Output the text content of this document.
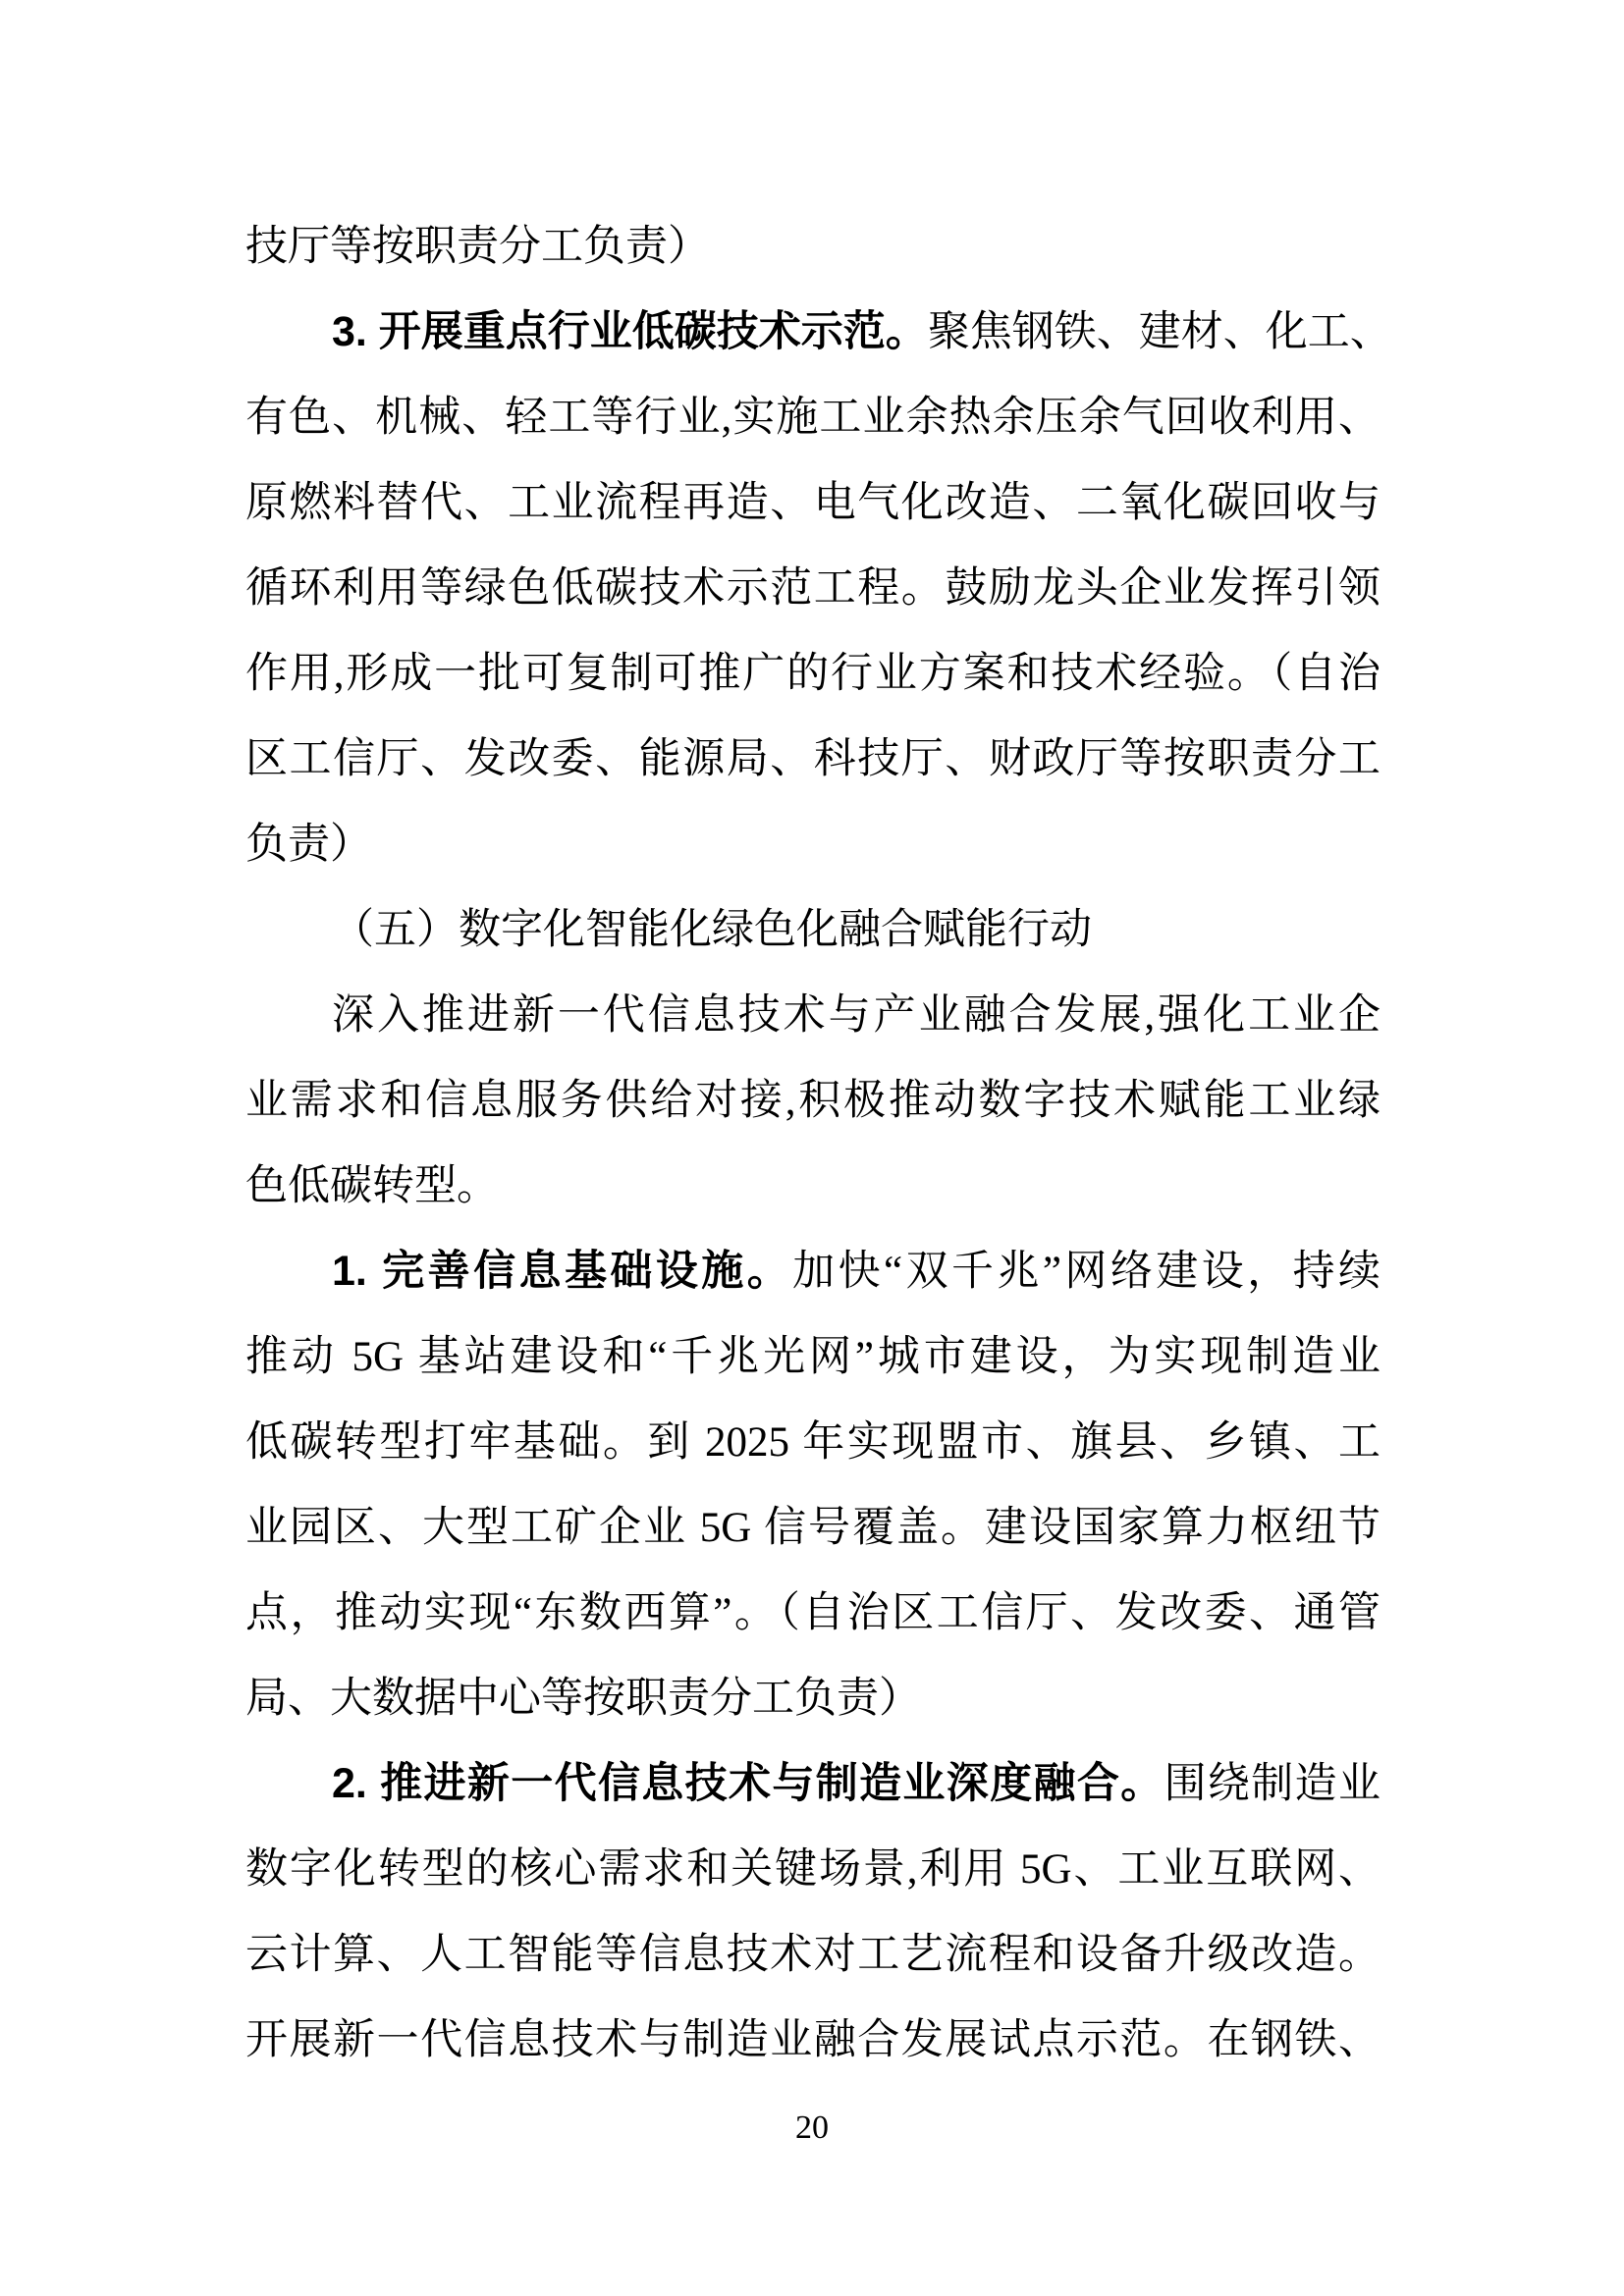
技厅等按职责分工负责）
3. 开展重点行业低碳技术示范。聚焦钢铁、建材、化工、
有色、机械、轻工等行业,实施工业余热余压余气回收利用、
原燃料替代、工业流程再造、电气化改造、二氧化碳回收与
循环利用等绿色低碳技术示范工程。鼓励龙头企业发挥引领
作用,形成一批可复制可推广的行业方案和技术经验。（自治
区工信厅、发改委、能源局、科技厅、财政厅等按职责分工
负责）
（五）数字化智能化绿色化融合赋能行动
深入推进新一代信息技术与产业融合发展,强化工业企
业需求和信息服务供给对接,积极推动数字技术赋能工业绿
色低碳转型。
1. 完善信息基础设施。加快“双千兆”网络建设，持续
推动 5G 基站建设和“千兆光网”城市建设，为实现制造业
低碳转型打牢基础。到 2025 年实现盟市、旗县、乡镇、工
业园区、大型工矿企业 5G 信号覆盖。建设国家算力枢纽节
点，推动实现“东数西算”。（自治区工信厅、发改委、通管
局、大数据中心等按职责分工负责）
2. 推进新一代信息技术与制造业深度融合。围绕制造业
数字化转型的核心需求和关键场景,利用 5G、工业互联网、
云计算、人工智能等信息技术对工艺流程和设备升级改造。
开展新一代信息技术与制造业融合发展试点示范。在钢铁、
20
